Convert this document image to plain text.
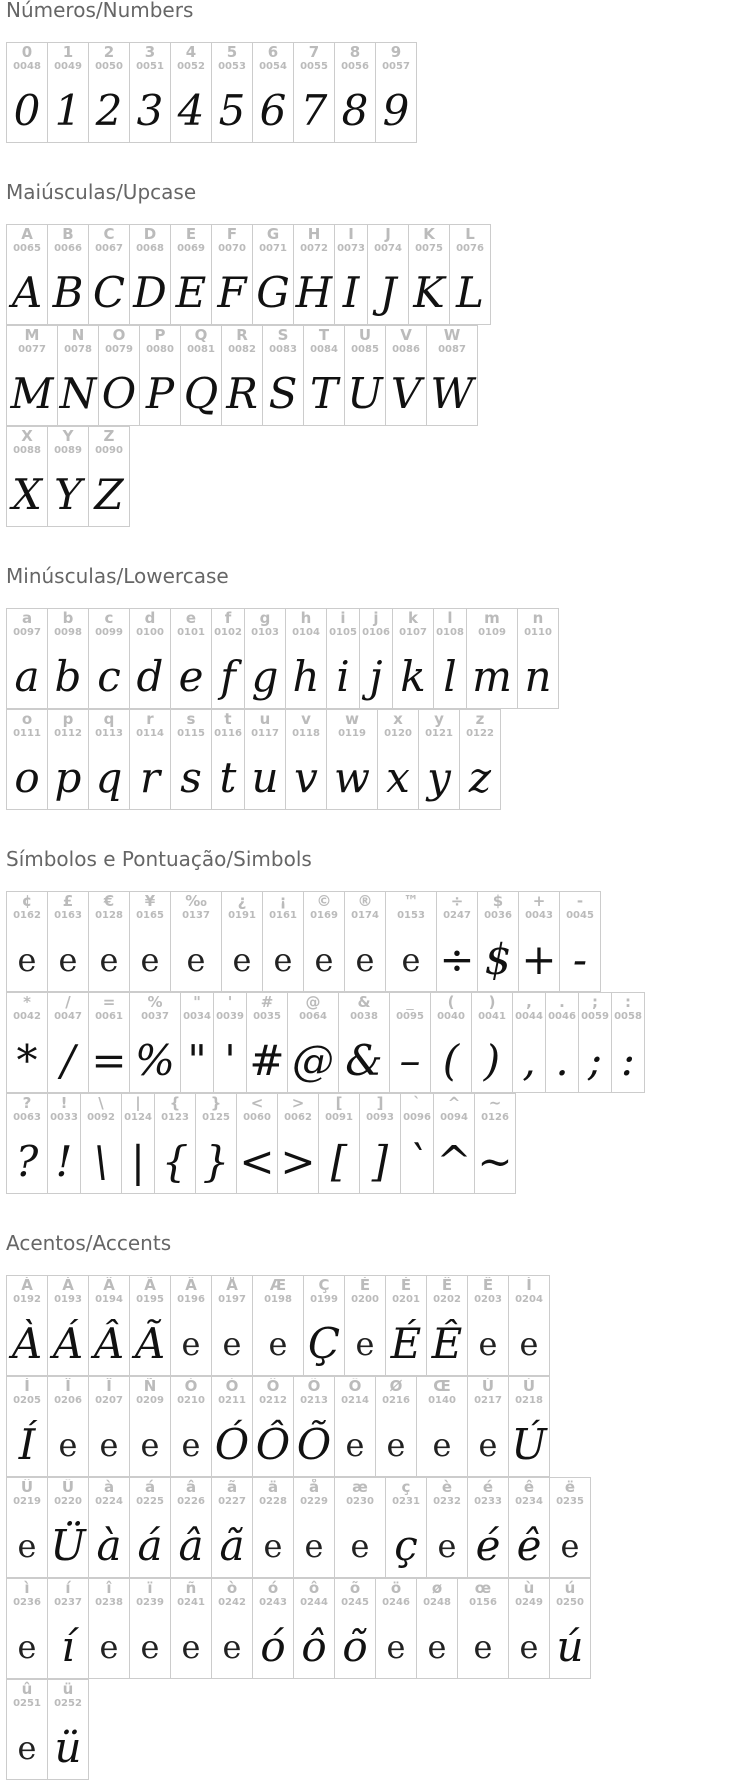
Números/Numbers
0
0048
0
1
0049
1
2
0050
2
3
0051
3
4
0052
4
5
0053
5
6
0054
6
7
0055
7
8
0056
8
9
0057
9
Maiúsculas/Upcase
A
0065
A
B
0066
B
C
0067
C
D
0068
D
E
0069
E
F
0070
F
G
0071
G
H
0072
H
I
0073
I
J
0074
J
K
0075
K
L
0076
L
M
0077
M
N
0078
N
O
0079
O
P
0080
P
Q
0081
Q
R
0082
R
S
0083
S
T
0084
T
U
0085
U
V
0086
V
W
0087
W
X
0088
X
Y
0089
Y
Z
0090
Z
Minúsculas/Lowercase
a
0097
a
b
0098
b
c
0099
c
d
0100
d
e
0101
e
f
0102
f
g
0103
g
h
0104
h
i
0105
i
j
0106
j
k
0107
k
l
0108
l
m
0109
m
n
0110
n
o
0111
o
p
0112
p
q
0113
q
r
0114
r
s
0115
s
t
0116
t
u
0117
u
v
0118
v
w
0119
w
x
0120
x
y
0121
y
z
0122
z
Símbolos e Pontuação/Simbols
¢
0162
e
£
0163
e
€
0128
e
¥
0165
e
‰
0137
e
¿
0191
e
¡
0161
e
©
0169
e
®
0174
e
™
0153
e
÷
0247
÷
$
0036
$
+
0043
+
-
0045
-
*
0042
*
/
0047
/
=
0061
=
%
0037
%
"
0034
"
'
0039
'
#
0035
#
@
0064
@
&
0038
&
_
0095
–
(
0040
(
)
0041
)
,
0044
,
.
0046
.
;
0059
;
:
0058
:
?
0063
?
!
0033
!
\
0092
\
|
0124
|
{
0123
{
}
0125
}
<
0060
<
>
0062
>
[
0091
[
]
0093
]
`
0096
`
^
0094
^
~
0126
~
Acentos/Accents
À
0192
À
Á
0193
Á
Â
0194
Â
Ã
0195
Ã
Ä
0196
e
Å
0197
e
Æ
0198
e
Ç
0199
Ç
È
0200
e
É
0201
É
Ê
0202
Ê
Ë
0203
e
Ì
0204
e
Í
0205
Í
Î
0206
e
Ï
0207
e
Ñ
0209
e
Ò
0210
e
Ó
0211
Ó
Ô
0212
Ô
Õ
0213
Õ
Ö
0214
e
Ø
0216
e
Œ
0140
e
Ù
0217
e
Ú
0218
Ú
Û
0219
e
Ü
0220
Ü
à
0224
à
á
0225
á
â
0226
â
ã
0227
ã
ä
0228
e
å
0229
e
æ
0230
e
ç
0231
ç
è
0232
e
é
0233
é
ê
0234
ê
ë
0235
e
ì
0236
e
í
0237
í
î
0238
e
ï
0239
e
ñ
0241
e
ò
0242
e
ó
0243
ó
ô
0244
ô
õ
0245
õ
ö
0246
e
ø
0248
e
œ
0156
e
ù
0249
e
ú
0250
ú
û
0251
e
ü
0252
ü
